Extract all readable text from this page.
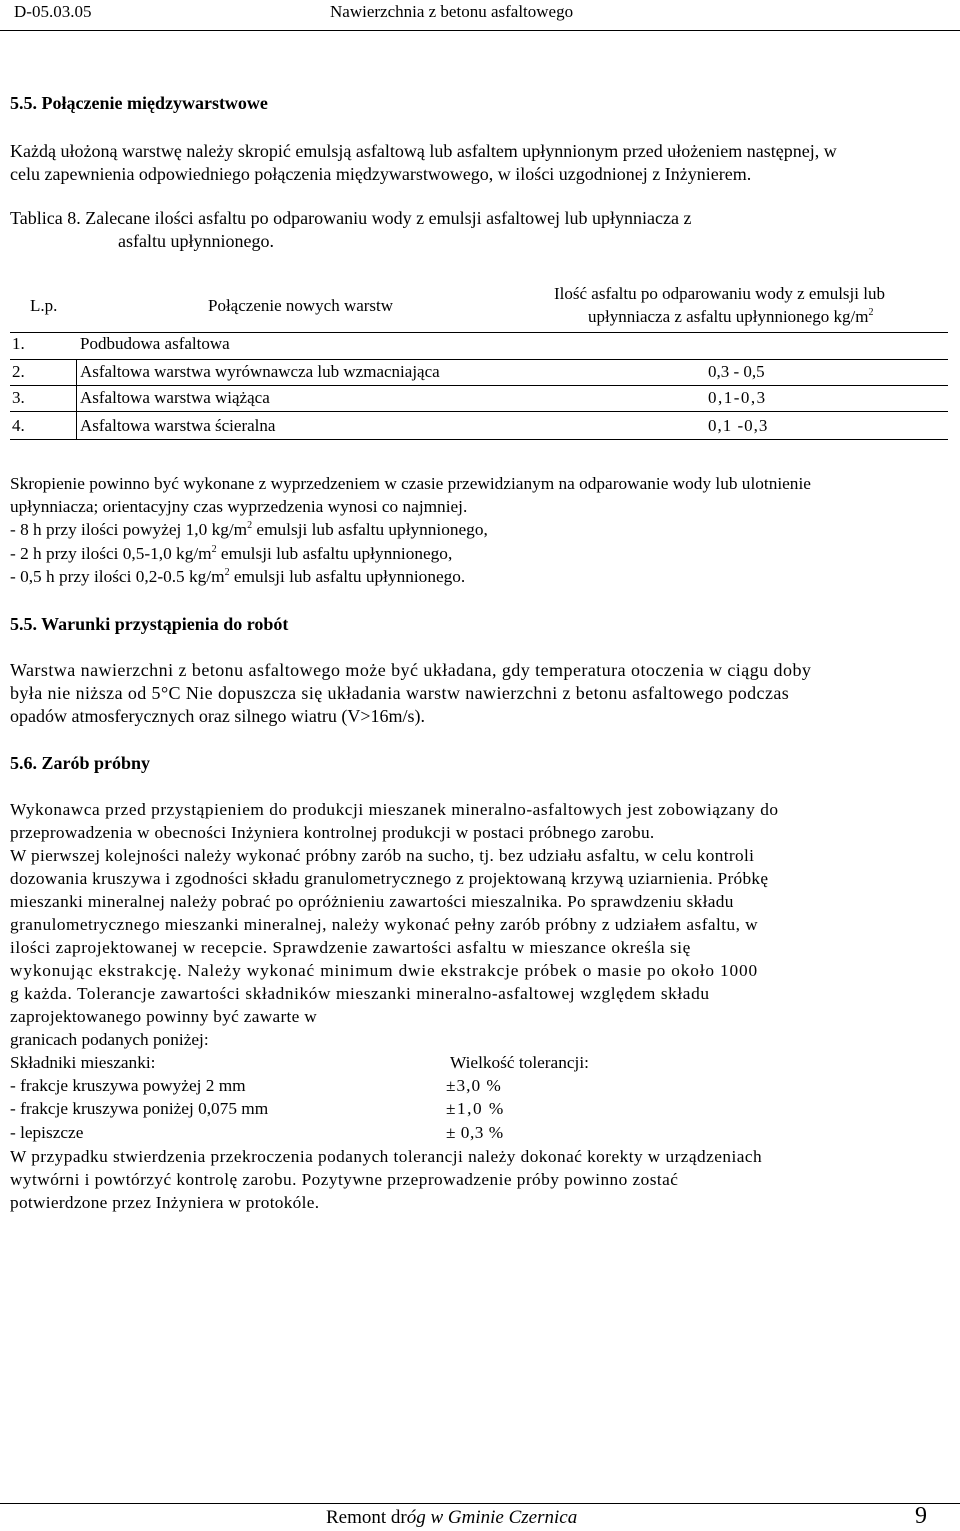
D-05.03.05	Nawierzchnia z betonu asfaltowego
5.5. Połączenie międzywarstwowe
Każdą ułożoną warstwę należy skropić emulsją asfaltową lub asfaltem upłynnionym przed ułożeniem następnej, w
celu zapewnienia odpowiedniego połączenia międzywarstwowego, w ilości uzgodnionej z Inżynierem.
Tablica 8. Zalecane ilości asfaltu po odparowaniu wody z emulsji asfaltowej lub upłynniacza z
asfaltu upłynnionego.
L.p.	Połączenie nowych warstw
Ilość asfaltu po odparowaniu wody z emulsji lub
upłynniacza z asfaltu upłynnionego $kg/m^2$
1.	Podbudowa asfaltowa
2.	Asfaltowa warstwa wyrównawcza lub wzmacniająca	0,3 - 0,5
3.	Asfaltowa warstwa wiążąca	0,1-0,3
4.	Asfaltowa warstwa ścieralna	0,1 -0,3
Skropienie powinno być wykonane z wyprzedzeniem w czasie przewidzianym na odparowanie wody lub ulotnienie
upłynniacza; orientacyjny czas wyprzedzenia wynosi co najmniej.
- 8 h przy ilości powyżej 1,0 $kg/m^2$ emulsji lub asfaltu upłynnionego,
- 2 h przy ilości 0,5-1,0 $kg/m^2$ emulsji lub asfaltu upłynnionego,
- 0,5 h przy ilości 0,2-0.5 $kg/m^2$ emulsji lub asfaltu upłynnionego.
5.5. Warunki przystąpienia do robót
Warstwa nawierzchni z betonu asfaltowego może być układana, gdy temperatura otoczenia w ciągu doby
była nie niższa od 5°C Nie dopuszcza się układania warstw nawierzchni z betonu asfaltowego podczas
opadów atmosferycznych oraz silnego wiatru (V>16m/s).
5.6. Zarób próbny
Wykonawca przed przystąpieniem do produkcji mieszanek mineralno-asfaltowych jest zobowiązany do
przeprowadzenia w obecności Inżyniera kontrolnej produkcji w postaci próbnego zarobu.
W pierwszej kolejności należy wykonać próbny zarób na sucho, tj. bez udziału asfaltu, w celu kontroli
dozowania kruszywa i zgodności składu granulometrycznego z projektowaną krzywą uziarnienia. Próbkę
mieszanki mineralnej należy pobrać po opróżnieniu zawartości mieszalnika. Po sprawdzeniu składu
granulometrycznego mieszanki mineralnej, należy wykonać pełny zarób próbny z udziałem asfaltu, w
ilości zaprojektowanej w recepcie. Sprawdzenie zawartości asfaltu w mieszance określa się
wykonując ekstrakcję. Należy wykonać minimum dwie ekstrakcje próbek o masie po około 1000
g każda. Tolerancje zawartości składników mieszanki mineralno-asfaltowej względem składu
zaprojektowanego powinny być zawarte w
granicach podanych poniżej:
Składniki mieszanki:	Wielkość tolerancji:
- frakcje kruszywa powyżej 2 mm	±3,0 %
- frakcje kruszywa poniżej 0,075 mm	±1,0 %
- lepiszcze	± 0,3 %
W przypadku stwierdzenia przekroczenia podanych tolerancji należy dokonać korekty w urządzeniach
wytwórni i powtórzyć kontrolę zarobu. Pozytywne przeprowadzenie próby powinno zostać
potwierdzone przez Inżyniera w protokóle.
Remont dróg w Gminie Czernica	9
